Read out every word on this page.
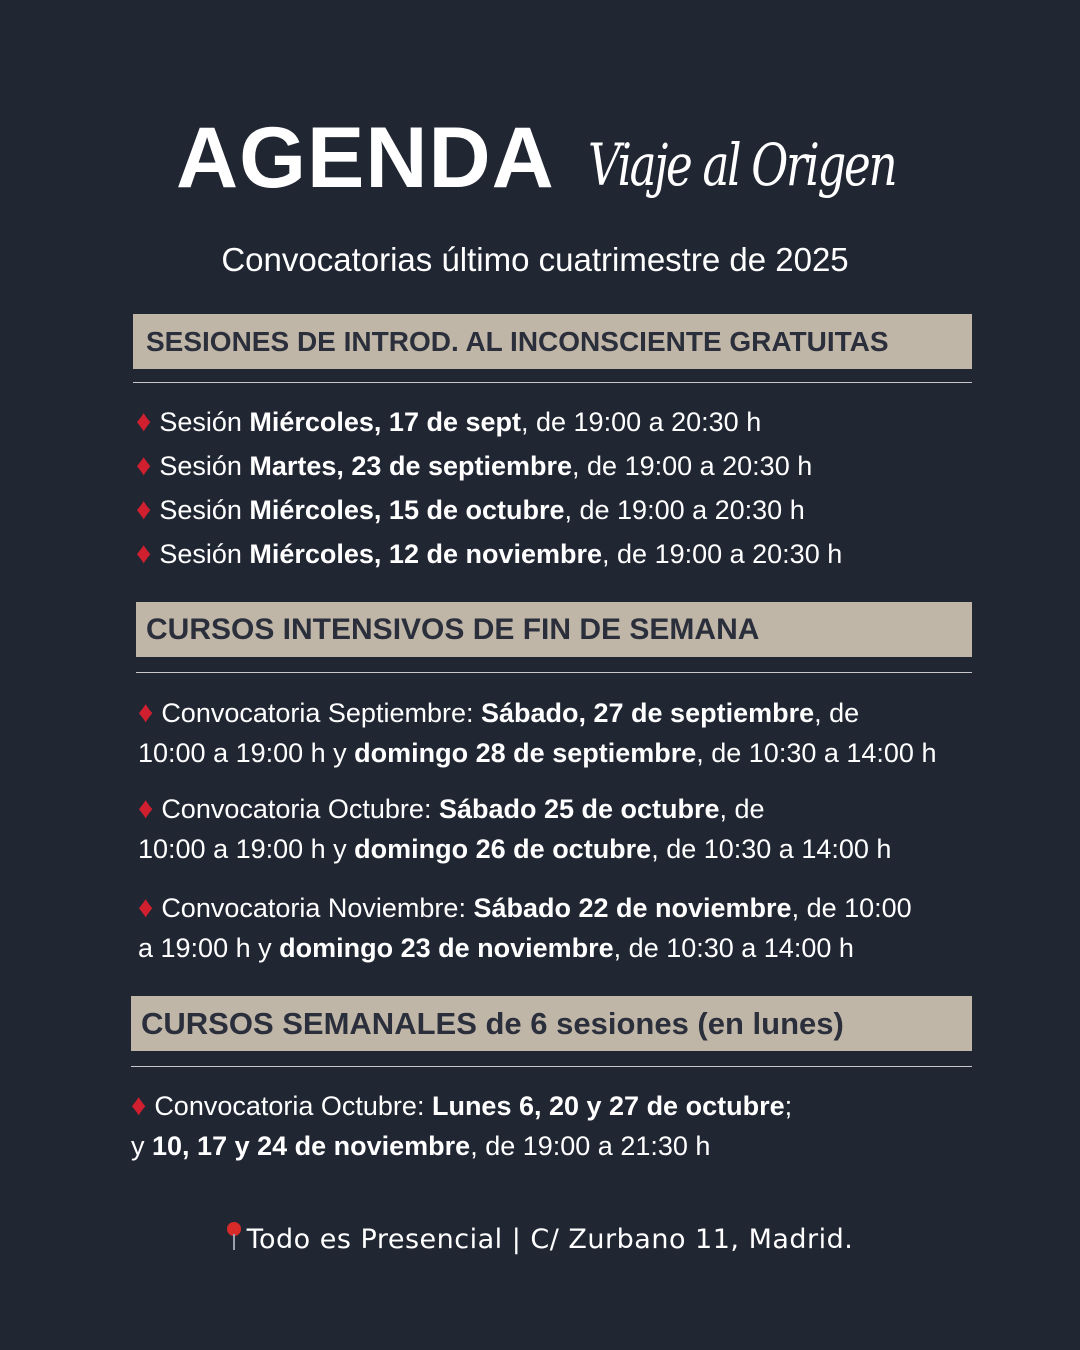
AGENDA Viaje al Origen
Convocatorias último cuatrimestre de 2025
SESIONES DE INTROD. AL INCONSCIENTE GRATUITAS
♦ Sesión Miércoles, 17 de sept, de 19:00 a 20:30 h
♦ Sesión Martes, 23 de septiembre, de 19:00 a 20:30 h
♦ Sesión Miércoles, 15 de octubre, de 19:00 a 20:30 h
♦ Sesión Miércoles, 12 de noviembre, de 19:00 a 20:30 h
CURSOS INTENSIVOS DE FIN DE SEMANA
♦ Convocatoria Septiembre: Sábado, 27 de septiembre, de
10:00 a 19:00 h y domingo 28 de septiembre, de 10:30 a 14:00 h
♦ Convocatoria Octubre: Sábado 25 de octubre, de
10:00 a 19:00 h y domingo 26 de octubre, de 10:30 a 14:00 h
♦ Convocatoria Noviembre: Sábado 22 de noviembre, de 10:00
a 19:00 h y domingo 23 de noviembre, de 10:30 a 14:00 h
CURSOS SEMANALES de 6 sesiones (en lunes)
♦ Convocatoria Octubre: Lunes 6, 20 y 27 de octubre;
y 10, 17 y 24 de noviembre, de 19:00 a 21:30 h
Todo es Presencial | C/ Zurbano 11, Madrid.
